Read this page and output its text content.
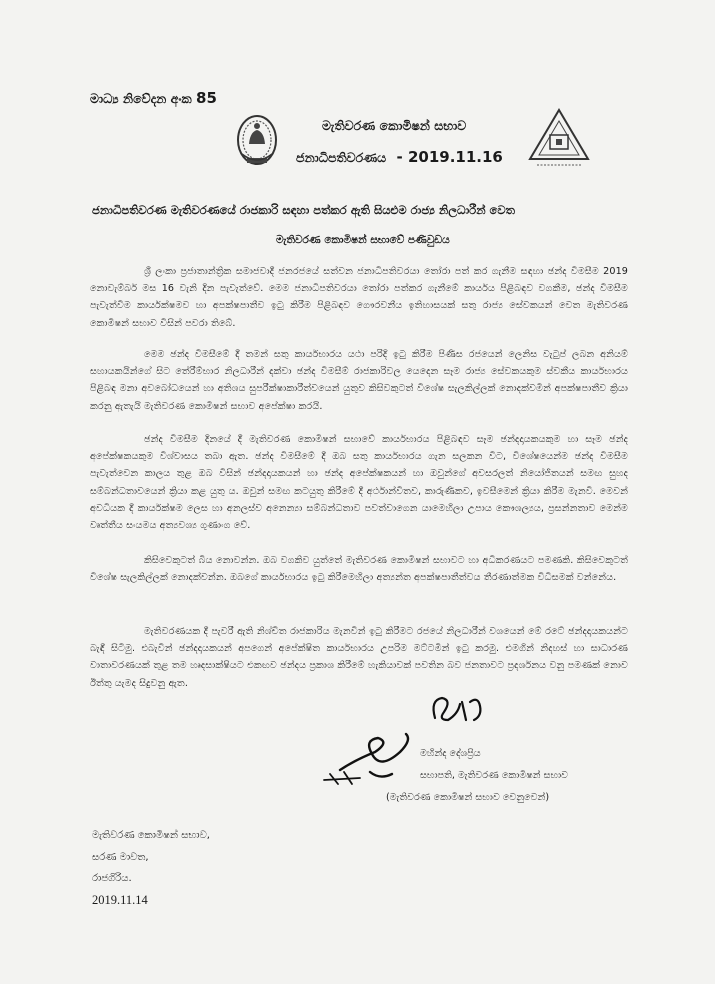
මාධ්‍ය නිවේදන අංක 85
මැතිවරණ කොමිෂන් සභාව
ජනාධිපතිවරණය - 2019.11.16
ජනාධිපතිවරණ මැතිවරණයේ රාජකාරි සඳහා පත්කර ඇති සියළුම රාජ්‍ය නිලධාරීන් වෙත
මැතිවරණ කොමිෂන් සභාවේ පණිවුඩය
ශ්‍රී ලංකා ප්‍රජාතාන්ත්‍රික සමාජවාදී ජනරජයේ සත්වන ජනාධිපතිවරයා තෝරා පත් කර ගැනීම සඳහා ඡන්ද විමසීම 2019 නොවැම්බර් මස 16 වැනි දින පැවැත්වේ. මෙම ජනාධිපතිවරයා තෝරා පත්කර ගැනීමේ කාර්යය පිළිබඳව වගකීම, ඡන්ද විමසීම පැවැත්වීම කාර්යක්ෂමව හා අපක්ෂපාතීව ඉටු කිරීම පිළිබඳව ගෞරවනීය ඉතිහාසයක් සතු රාජ්‍ය සේවකයන් වෙත මැතිවරණ කොමිෂන් සභාව විසින් පවරා තිබේ.
මෙම ඡන්ද විමසීමේ දී තමන් සතු කාර්යභාරය යථා පරිදි ඉටු කිරීම පිණිස රජයෙන් ලෙනිස වැටුප් ලබන අනියම් සහායකයින්ගේ සිට තේරීම්භාර නිලධාරීන් දක්වා ඡන්ද විමසීම් රාජකාරිවල යෙදෙන සෑම රාජ්‍ය සේවකයකුම ස්වකීය කාර්යභාරය පිළිබඳ මනා අවබෝධයෙන් හා අතිශය සුපරීක්ෂාකාරීත්වයෙන් යුතුව කිසිවකුටත් විශේෂ සැලකිල්ලක් නොදක්වමින් අපක්ෂපාතීව ක්‍රියා කරනු ඇතැයි මැතිවරණ කොමිෂන් සභාව අපේක්ෂා කරයි.
ඡන්ද විමසීම දිනයේ දී මැතිවරණ කොමිෂන් සභාවේ කාර්යභාරය පිළිබඳව සෑම ඡන්දදායකයකුම හා සෑම ඡන්ද අපේක්ෂකයකුම විශ්වාසය තබා ඇත. ඡන්ද විමසීමේ දී ඔබ සතු කාර්යභාරය ගැන සලකන විට, විශේෂයෙන්ම ඡන්ද විමසීම පැවැත්වෙන කාලය තුළ ඔබ විසින් ඡන්දදායකයන් හා ඡන්ද අපේක්ෂකයන් හා ඔවුන්ගේ අවසරලත් නියෝජිතයන් සමඟ සුහද සම්බන්ධතාවයෙන් ක්‍රියා කළ යුතු ය. ඔවුන් සමඟ කටයුතු කිරීමේ දී අර්ථාන්විතව, කාරුණිකව, ඉවසීමෙන් ක්‍රියා කිරීම මැනවි. මෙවන් අවධියක දී කාර්යක්ෂම ලෙස හා අනලස්ව අනෙන්‍යා සම්බන්ධතාව පවත්වාගෙන යාමෙහිලා උපාය කෞශල්‍යය, ප්‍රසන්නතාව මෙන්ම වෘත්තීය සංයමය අත්‍යවශ්‍ය ගුණාංග වේ.
කිසිවෙකුටත් බිය නොවන්න. ඔබ වගකිව යුත්තේ මැතිවරණ කොමිෂන් සභාවට හා අධිකරණයට පමණකි. කිසිවෙකුටත් විශේෂ සැලකිල්ලක් නොදක්වන්න. ඔබගේ කාර්යභාරය ඉටු කිරීමෙහිලා අත්‍යන්ත අපක්ෂපාතීත්වය තීරණාත්මක විධිසමක් වන්නේය.
මැතිවරණයක දී පැවරී ඇති නිශ්චිත රාජකාරිය මැනවින් ඉටු කිරීමට රජයේ නිලධාරීන් වශයෙන් මේ රටේ ඡන්දදායකයන්ට බැඳී සිටිමු. එබැවින් ඡන්දදායකයන් අපගෙන් අපේක්ෂිත කාර්යභාරය උපරිම මට්ටමින් ඉටු කරමු. එමගින් නිදහස් හා සාධාරණ වාතාවරණයක් තුළ තම හෘදසාක්ෂියට එකඟව ඡන්දය ප්‍රකාශ කිරීමේ හැකියාවක් පවතින බව ජනතාවට ප්‍රදර්ශනය වනු පමණක් නොව ඊත්තු යැමද සිදුවනු ඇත.
මහින්ද දේශප්‍රිය
සභාපති, මැතිවරණ කොමිෂන් සභාව
(මැතිවරණ කොමිෂන් සභාව වෙනුවෙන්)
මැතිවරණ කොමිෂන් සභාව,
සරණ මාවත,
රාජගිරිය.
2019.11.14
